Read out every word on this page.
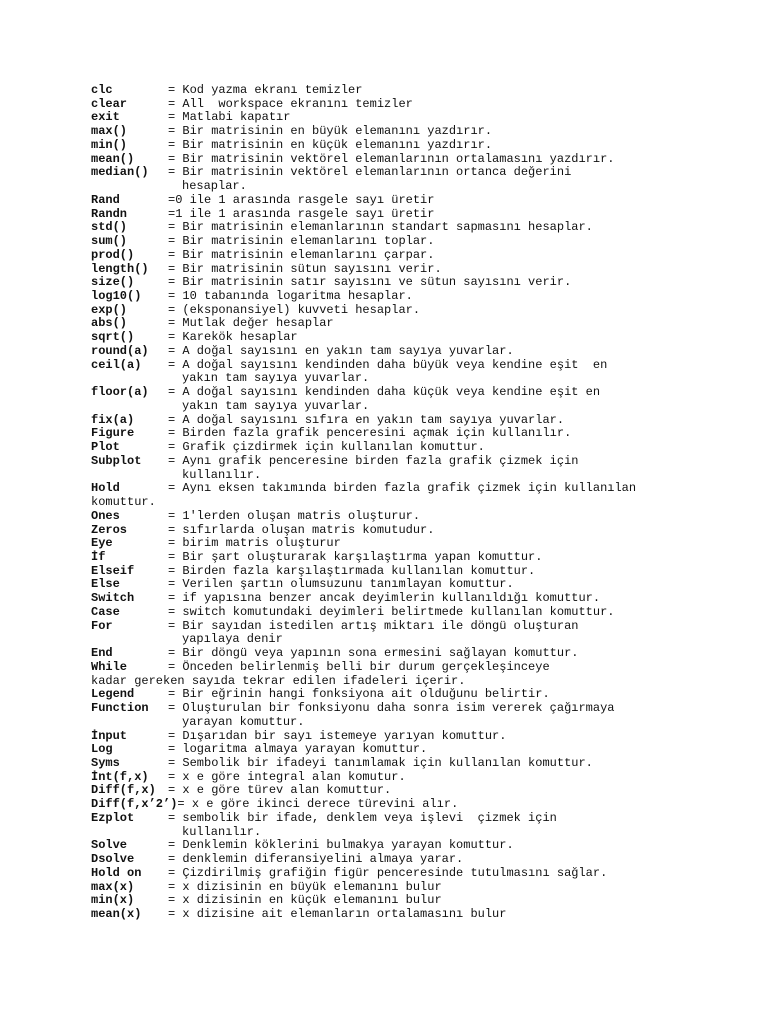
clc	= Kod yazma ekranı temizler
clear	= All  workspace ekranını temizler
exit	= Matlabi kapatır
max()	= Bir matrisinin en büyük elemanını yazdırır.
min()	= Bir matrisinin en küçük elemanını yazdırır.
mean()	= Bir matrisinin vektörel elemanlarının ortalamasını yazdırır.
median()	= Bir matrisinin vektörel elemanlarının ortanca değerini
hesaplar.
Rand	=0 ile 1 arasında rasgele sayı üretir
Randn	=1 ile 1 arasında rasgele sayı üretir
std()	= Bir matrisinin elemanlarının standart sapmasını hesaplar.
sum()	= Bir matrisinin elemanlarını toplar.
prod()	= Bir matrisinin elemanlarını çarpar.
length()	= Bir matrisinin sütun sayısını verir.
size()	= Bir matrisinin satır sayısını ve sütun sayısını verir.
log10()	= 10 tabanında logaritma hesaplar.
exp()	= (eksponansiyel) kuvveti hesaplar.
abs()	= Mutlak değer hesaplar
sqrt()	= Karekök hesaplar
round(a)	= A doğal sayısını en yakın tam sayıya yuvarlar.
ceil(a)	= A doğal sayısını kendinden daha büyük veya kendine eşit  en
yakın tam sayıya yuvarlar.
floor(a)	= A doğal sayısını kendinden daha küçük veya kendine eşit en
yakın tam sayıya yuvarlar.
fix(a)	= A doğal sayısını sıfıra en yakın tam sayıya yuvarlar.
Figure	= Birden fazla grafik penceresini açmak için kullanılır.
Plot	= Grafik çizdirmek için kullanılan komuttur.
Subplot	= Aynı grafik penceresine birden fazla grafik çizmek için
kullanılır.
Hold	= Aynı eksen takımında birden fazla grafik çizmek için kullanılan
komuttur.
Ones	= 1'lerden oluşan matris oluşturur.
Zeros	= sıfırlarda oluşan matris komutudur.
Eye	= birim matris oluşturur
İf	= Bir şart oluşturarak karşılaştırma yapan komuttur.
Elseif	= Birden fazla karşılaştırmada kullanılan komuttur.
Else	= Verilen şartın olumsuzunu tanımlayan komuttur.
Switch	= if yapısına benzer ancak deyimlerin kullanıldığı komuttur.
Case	= switch komutundaki deyimleri belirtmede kullanılan komuttur.
For	= Bir sayıdan istedilen artış miktarı ile döngü oluşturan
yapılaya denir
End	= Bir döngü veya yapının sona ermesini sağlayan komuttur.
While	= Önceden belirlenmiş belli bir durum gerçekleşinceye
kadar gereken sayıda tekrar edilen ifadeleri içerir.
Legend	= Bir eğrinin hangi fonksiyona ait olduğunu belirtir.
Function	= Oluşturulan bir fonksiyonu daha sonra isim vererek çağırmaya
yarayan komuttur.
İnput	= Dışarıdan bir sayı istemeye yarıyan komuttur.
Log	= logaritma almaya yarayan komuttur.
Syms	= Sembolik bir ifadeyi tanımlamak için kullanılan komuttur.
İnt(f,x)	= x e göre integral alan komutur.
Diff(f,x)	= x e göre türev alan komuttur.
Diff(f,x’2’) = x e göre ikinci derece türevini alır.
Ezplot	= sembolik bir ifade, denklem veya işlevi  çizmek için
kullanılır.
Solve	= Denklemin köklerini bulmakya yarayan komuttur.
Dsolve	= denklemin diferansiyelini almaya yarar.
Hold on	= Çizdirilmiş grafiğin figür penceresinde tutulmasını sağlar.
max(x)	= x dizisinin en büyük elemanını bulur
min(x)	= x dizisinin en küçük elemanını bulur
mean(x)	= x dizisine ait elemanların ortalamasını bulur
